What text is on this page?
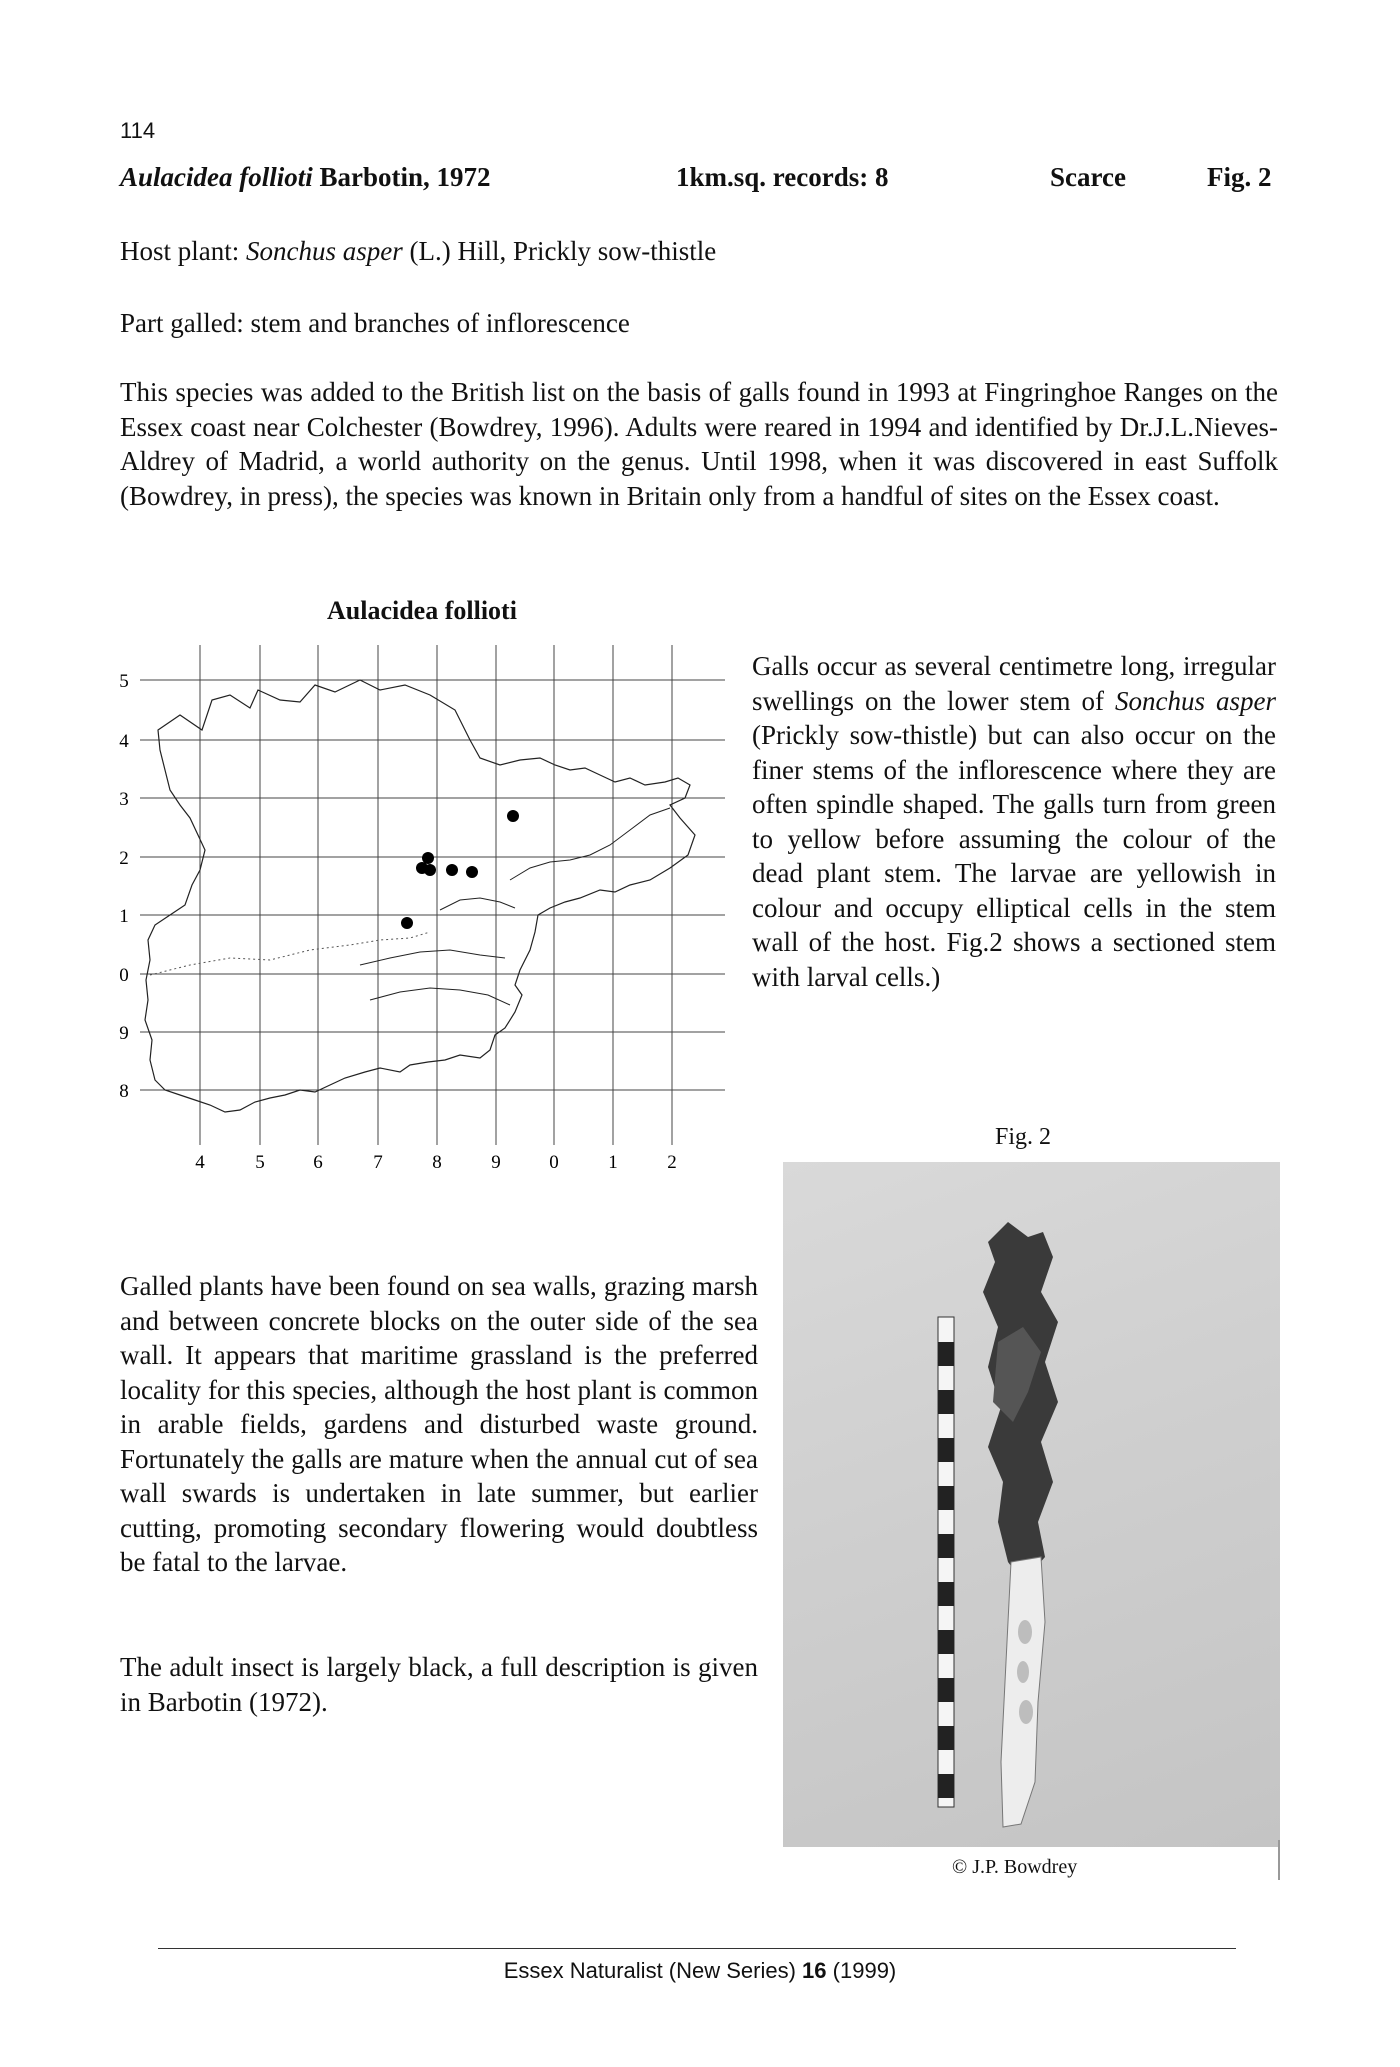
114
Aulacidea follioti Barbotin, 1972	1km.sq. records: 8	Scarce	Fig. 2
Host plant: Sonchus asper (L.) Hill, Prickly sow-thistle
Part galled: stem and branches of inflorescence
This species was added to the British list on the basis of galls found in 1993 at Fingringhoe Ranges on the Essex coast near Colchester (Bowdrey, 1996). Adults were reared in 1994 and identified by Dr.J.L.Nieves-Aldrey of Madrid, a world authority on the genus. Until 1998, when it was discovered in east Suffolk (Bowdrey, in press), the species was known in Britain only from a handful of sites on the Essex coast.
Aulacidea follioti
5
4
3
2
1
0
9
8
4	5	6	7	8	9	0	1	2
Galls occur as several centimetre long, irregular swellings on the lower stem of Sonchus asper (Prickly sow-thistle) but can also occur on the finer stems of the inflorescence where they are often spindle shaped. The galls turn from green to yellow before assuming the colour of the dead plant stem. The larvae are yellowish in colour and occupy elliptical cells in the stem wall of the host. Fig.2 shows a sectioned stem with larval cells.)
Fig. 2
© J.P. Bowdrey
Galled plants have been found on sea walls, grazing marsh and between concrete blocks on the outer side of the sea wall. It appears that maritime grassland is the preferred locality for this species, although the host plant is common in arable fields, gardens and disturbed waste ground. Fortunately the galls are mature when the annual cut of sea wall swards is undertaken in late summer, but earlier cutting, promoting secondary flowering would doubtless be fatal to the larvae.
The adult insect is largely black, a full description is given in Barbotin (1972).
Essex Naturalist (New Series) 16 (1999)
